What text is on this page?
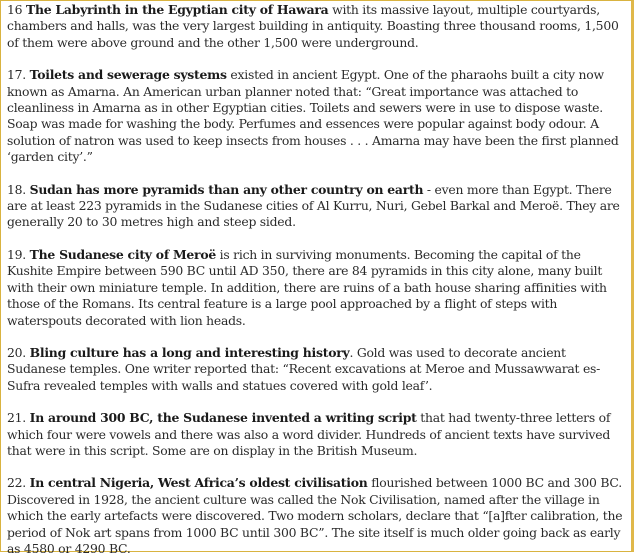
16 The Labyrinth in the Egyptian city of Hawara with its massive layout, multiple courtyards, chambers and halls, was the very largest building in antiquity. Boasting three thousand rooms, 1,500 of them were above ground and the other 1,500 were underground.

17. Toilets and sewerage systems existed in ancient Egypt. One of the pharaohs built a city now known as Amarna. An American urban planner noted that: “Great importance was attached to cleanliness in Amarna as in other Egyptian cities. Toilets and sewers were in use to dispose waste. Soap was made for washing the body. Perfumes and essences were popular against body odour. A solution of natron was used to keep insects from houses . . . Amarna may have been the first planned ‘garden city’.”

18. Sudan has more pyramids than any other country on earth - even more than Egypt. There are at least 223 pyramids in the Sudanese cities of Al Kurru, Nuri, Gebel Barkal and Meroë. They are generally 20 to 30 metres high and steep sided.

19. The Sudanese city of Meroë is rich in surviving monuments. Becoming the capital of the Kushite Empire between 590 BC until AD 350, there are 84 pyramids in this city alone, many built with their own miniature temple. In addition, there are ruins of a bath house sharing affinities with those of the Romans. Its central feature is a large pool approached by a flight of steps with waterspouts decorated with lion heads.

20. Bling culture has a long and interesting history. Gold was used to decorate ancient Sudanese temples. One writer reported that: “Recent excavations at Meroe and Mussawwarat es-Sufra revealed temples with walls and statues covered with gold leaf’.

21. In around 300 BC, the Sudanese invented a writing script that had twenty-three letters of which four were vowels and there was also a word divider. Hundreds of ancient texts have survived that were in this script. Some are on display in the British Museum.

22. In central Nigeria, West Africa’s oldest civilisation flourished between 1000 BC and 300 BC. Discovered in 1928, the ancient culture was called the Nok Civilisation, named after the village in which the early artefacts were discovered. Two modern scholars, declare that “[a]fter calibration, the period of Nok art spans from 1000 BC until 300 BC”. The site itself is much older going back as early as 4580 or 4290 BC.
